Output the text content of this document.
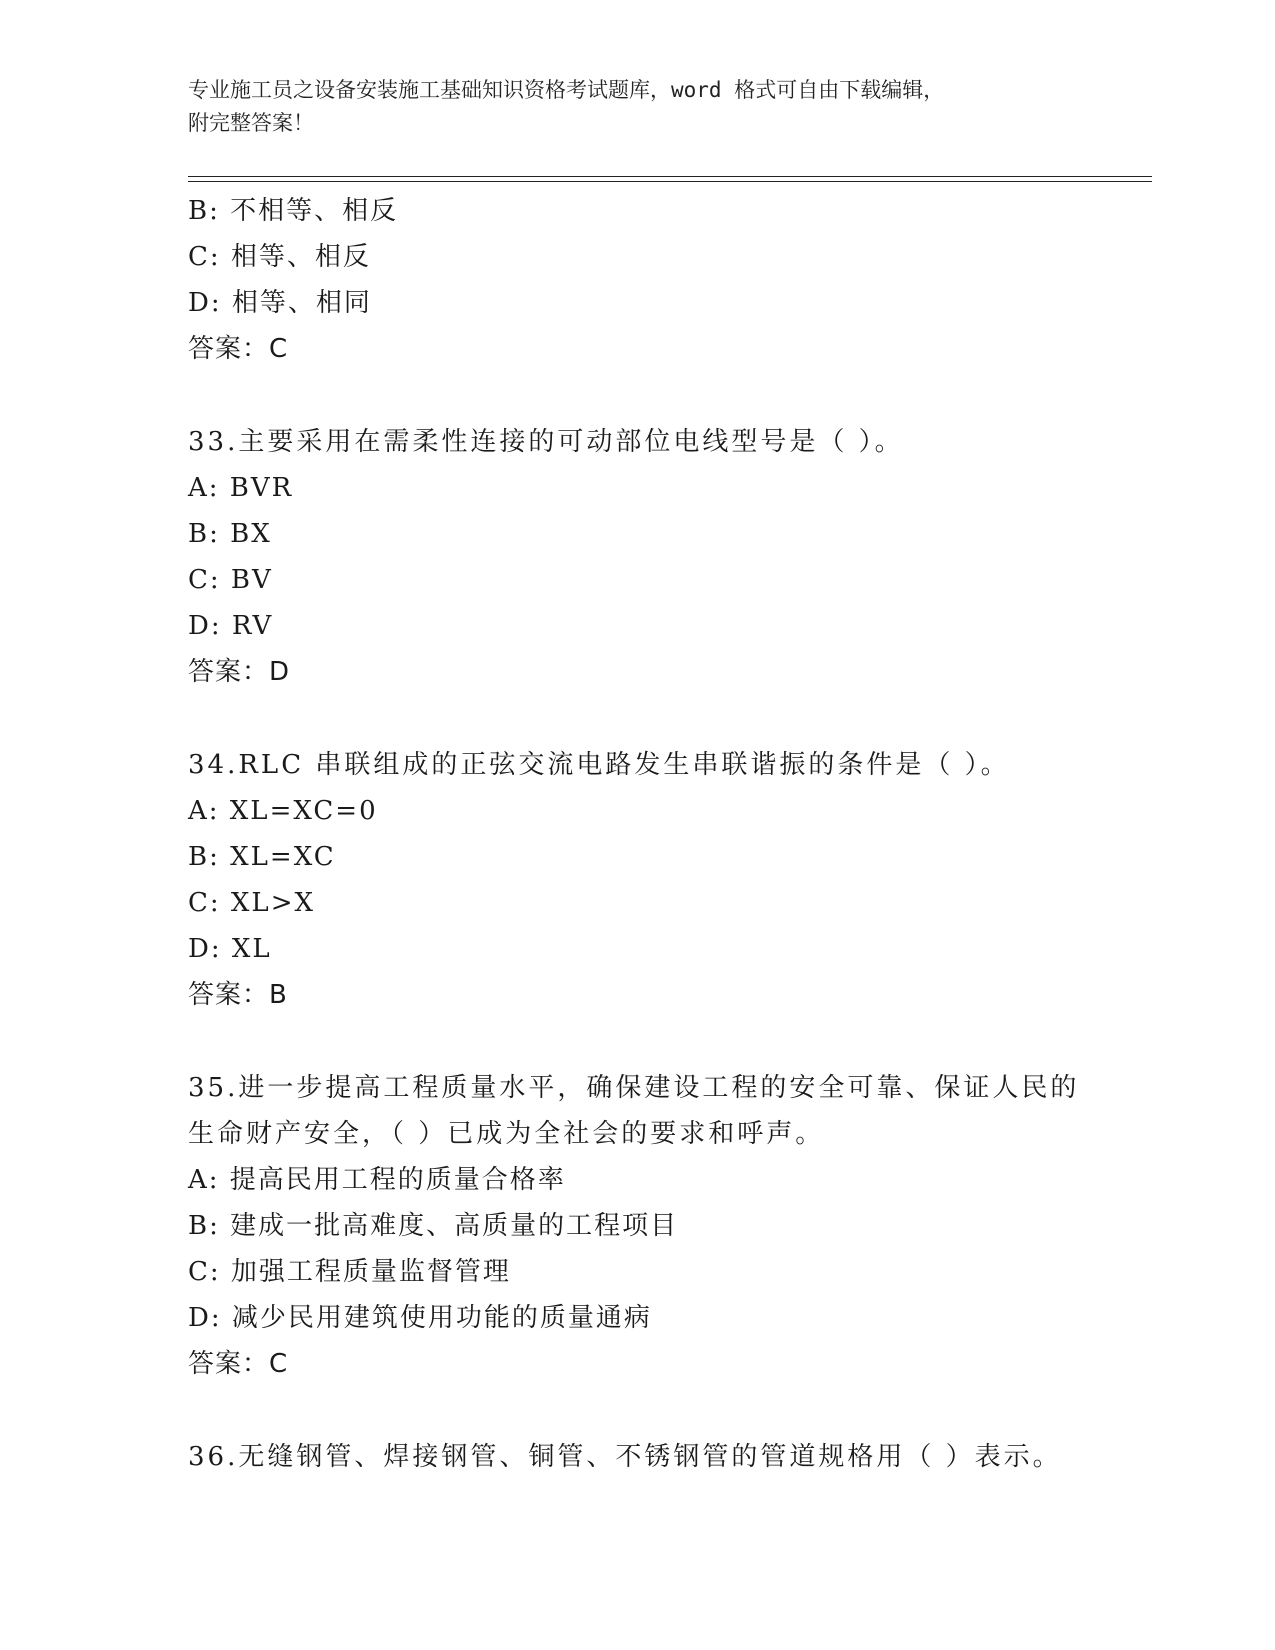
专业施工员之设备安装施工基础知识资格考试题库，word 格式可自由下载编辑，
附完整答案！
B: 不相等、相反
C: 相等、相反
D: 相等、相同
答案：C
33.主要采用在需柔性连接的可动部位电线型号是（ ）。
A: BVR
B: BX
C: BV
D: RV
答案：D
34.RLC 串联组成的正弦交流电路发生串联谐振的条件是（ ）。
A: XL=XC=0
B: XL=XC
C: XL>X
D: XL
答案：B
35.进一步提高工程质量水平，确保建设工程的安全可靠、保证人民的
生命财产安全，（ ）已成为全社会的要求和呼声。
A: 提高民用工程的质量合格率
B: 建成一批高难度、高质量的工程项目
C: 加强工程质量监督管理
D: 减少民用建筑使用功能的质量通病
答案：C
36.无缝钢管、焊接钢管、铜管、不锈钢管的管道规格用（ ）表示。
